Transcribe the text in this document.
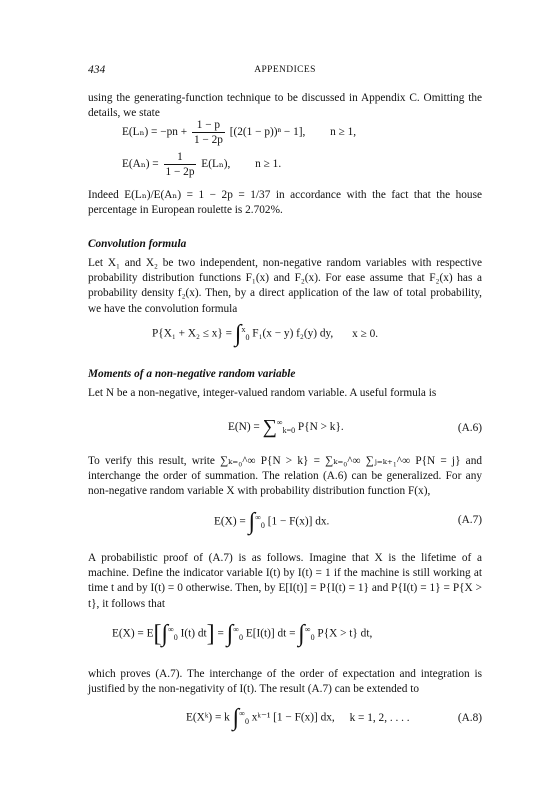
434	APPENDICES

using the generating-function technique to be discussed in Appendix C. Omitting the details, we state

$E(L_n) = -pn + \frac{1 - p}{1 - 2p} [(2(1 - p))^n - 1]$, n ≥ 1,
$E(A_n) = \frac{1}{1 - 2p} E(L_n)$, n ≥ 1.

Indeed E(Lₙ)/E(Aₙ) = 1 − 2p = 1/37 in accordance with the fact that the house percentage in European roulette is 2.702%.

Convolution formula

Let X₁ and X₂ be two independent, non-negative random variables with respective probability distribution functions F₁(x) and F₂(x). For ease assume that F₂(x) has a probability density f₂(x). Then, by a direct application of the law of total probability, we have the convolution formula

P{X₁ + X₂ ≤ x} = ∫$^x_0$ F₁(x − y) f₂(y) dy, x ≥ 0.
Moments of a non-negative random variable

Let N be a non-negative, integer-valued random variable. A useful formula is

$E(N) = \sum^\infty_{k=0}$ P{N > k}.	(A.6)

To verify this result, write ∑ₖ₌₀^∞ P{N > k} = ∑ₖ₌₀^∞ ∑ⱼ₌ₖ₊₁^∞ P{N = j} and interchange the order of summation. The relation (A.6) can be generalized. For any non-negative random variable X with probability distribution function F(x),

$E(X) = \int^\infty_0$ [1 − F(x)] dx.	(A.7)

A probabilistic proof of (A.7) is as follows. Imagine that X is the lifetime of a machine. Define the indicator variable I(t) by I(t) = 1 if the machine is still working at time t and by I(t) = 0 otherwise. Then, by E[I(t)] = P{I(t) = 1} and P{I(t) = 1} = P{X > t}, it follows that

$E(X) = E[\int^\infty_0$ I(t) $dt] = \int^\infty_0$ E[I(t)] dt = $\int^\infty_0$ P{X > t} dt,

which proves (A.7). The interchange of the order of expectation and integration is justified by the non-negativity of I(t). The result (A.7) can be extended to

E(Xᵏ) = k $\int^\infty_0$ xᵏ⁻¹ [1 − F(x)] dx, k = 1, 2, . . . .	(A.8)
